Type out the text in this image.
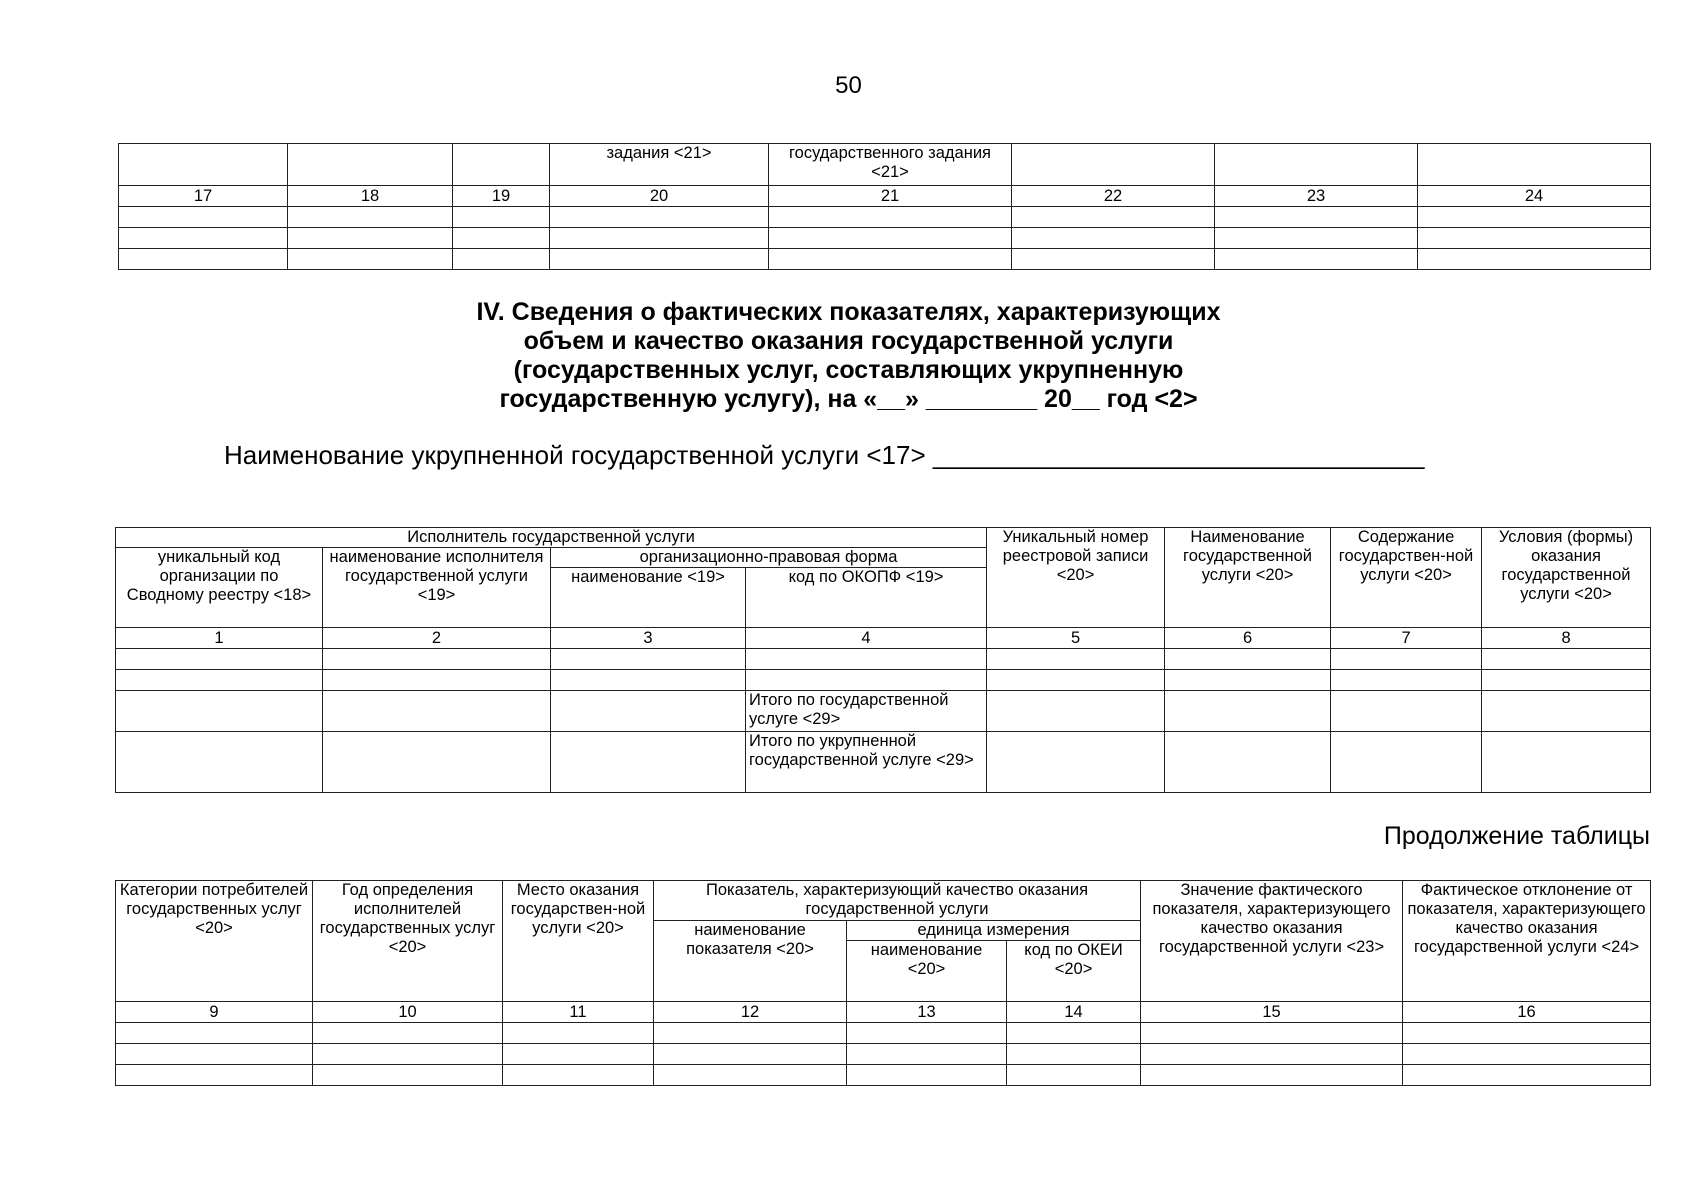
50
			задания <21>	государственного задания <21>			
17	18	19	20	21	22	23	24

IV. Сведения о фактических показателях, характеризующих
объем и качество оказания государственной услуги
(государственных услуг, составляющих укрупненную
государственную услугу), на «__» ________ 20__ год <2>
Наименование укрупненной государственной услуги <17> __________________________________
Исполнитель государственной услуги				Уникальный номер реестровой записи <20>	Наименование государственной услуги <20>	Содержание государствен-ной услуги <20>	Условия (формы) оказания государственной услуги <20>
уникальный код организации по Сводному реестру <18>	наименование исполнителя государственной услуги <19>	организационно-правовая форма					
		наименование <19>	код по ОКОПФ <19>				
1	2	3	4	5	6	7	8

			Итого по государственной услуге <29>				
			Итого по укрупненной государственной услуге <29>				
Продолжение таблицы
Категории потребителей государственных услуг <20>	Год определения исполнителей государственных услуг <20>	Место оказания государствен-ной услуги <20>	Показатель, характеризующий качество оказания государственной услуги			Значение фактического показателя, характеризующего качество оказания государственной услуги <23>	Фактическое отклонение от показателя, характеризующего качество оказания государственной услуги <24>
			наименование показателя <20>	единица измерения			
				наименование <20>	код по ОКЕИ <20>		
9	10	11	12	13	14	15	16
